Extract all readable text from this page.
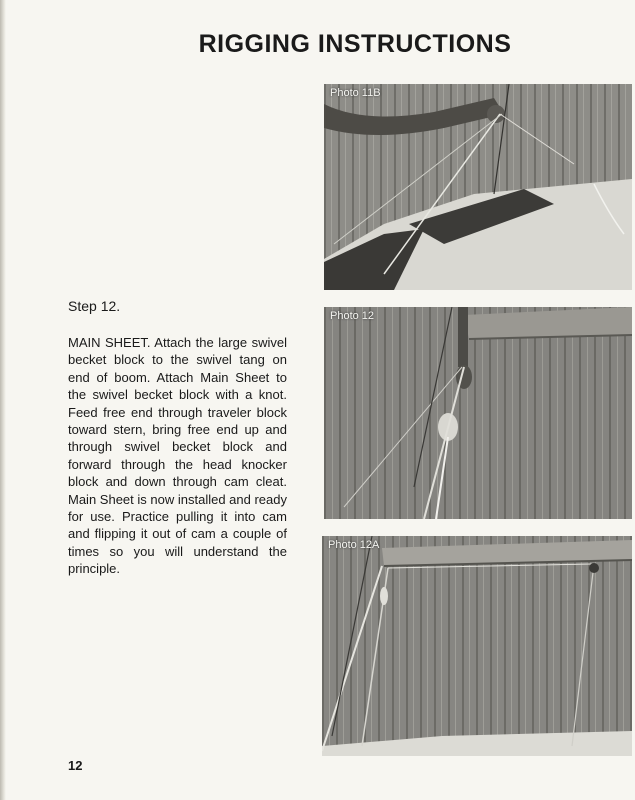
RIGGING INSTRUCTIONS

Step 12.

MAIN SHEET. Attach the large swivel becket block to the swivel tang on end of boom. Attach Main Sheet to the swivel becket block with a knot. Feed free end through traveler block toward stern, bring free end up and through swivel becket block and forward through the head knocker block and down through cam cleat. Main Sheet is now installed and ready for use. Practice pulling it into cam and flipping it out of cam a couple of times so you will understand the principle.

Photo 11B
Photo 12
Photo 12A
12
